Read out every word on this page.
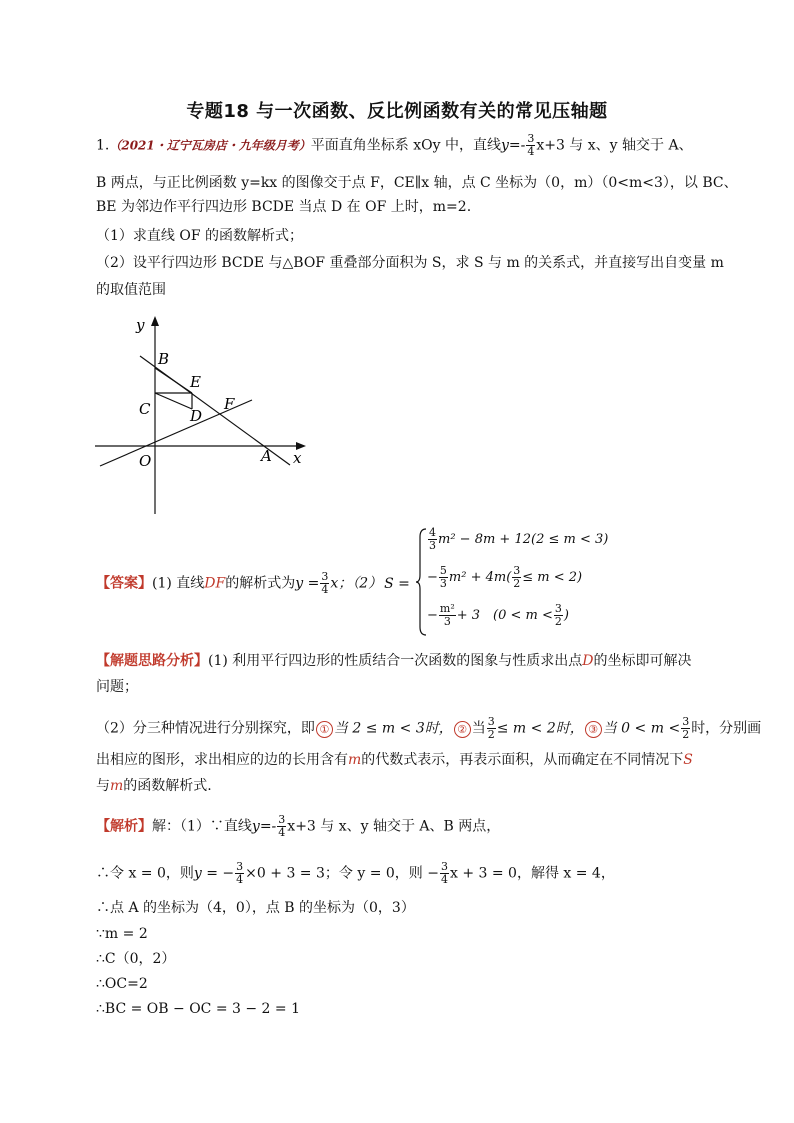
专题18 与一次函数、反比例函数有关的常见压轴题
1.（2021・辽宁瓦房店・九年级月考）平面直角坐标系 xOy 中，直线$y=- \frac{3}{4} x+3$ 与 x、y 轴交于 A、
B 两点，与正比例函数 y=kx 的图像交于点 F，CE∥x 轴，点 C 坐标为（0，m）（0<m<3），以 BC、
BE 为邻边作平行四边形 BCDE 当点 D 在 OF 上时，m=2.
（1）求直线 OF 的函数解析式；
（2）设平行四边形 BCDE 与△BOF 重叠部分面积为 S，求 S 与 m 的关系式，并直接写出自变量 m
的取值范围
y
x
O	A
B
C	D
E
F
【答案】(1) 直线DF的解析式为$y = \frac{3}{4}$ x；（2） S =
$\frac{4}{3} m^2 - 8m + 12(2 \le m < 3)$
− $\frac{5}{3} m^2 + 4m( \frac{3}{2} \le m < 2)$
− $\frac{\text{m²}}{3} + 3$　($0 < m < \frac{3}{2}$ )
【解题思路分析】(1) 利用平行四边形的性质结合一次函数的图象与性质求出点D的坐标即可解决
问题；
（2）分三种情况进行分别探究，即 ① 当 2 ≤ m < 3时， ② 当 $\frac{3}{2} \le m < 2$时， ③ 当 $0 < m < \frac{3}{2}$ 时，分别画
出相应的图形，求出相应的边的长用含有m的代数式表示，再表示面积，从而确定在不同情况下S
与m的函数解析式.
【解析】解：（1）∵直线$y=- \frac{3}{4} x+3$ 与 x、y 轴交于 A、B 两点，
∴令 x = 0，则y = − $\frac{3}{4} \times 0 + 3 = 3$；令 y = 0，则 − $\frac{3}{4}$ x + 3 = 0，解得 x = 4，
∴点 A 的坐标为（4，0），点 B 的坐标为（0，3）
∵m = 2
∴C（0，2）
∴OC=2
∴BC = OB − OC = 3 − 2 = 1
